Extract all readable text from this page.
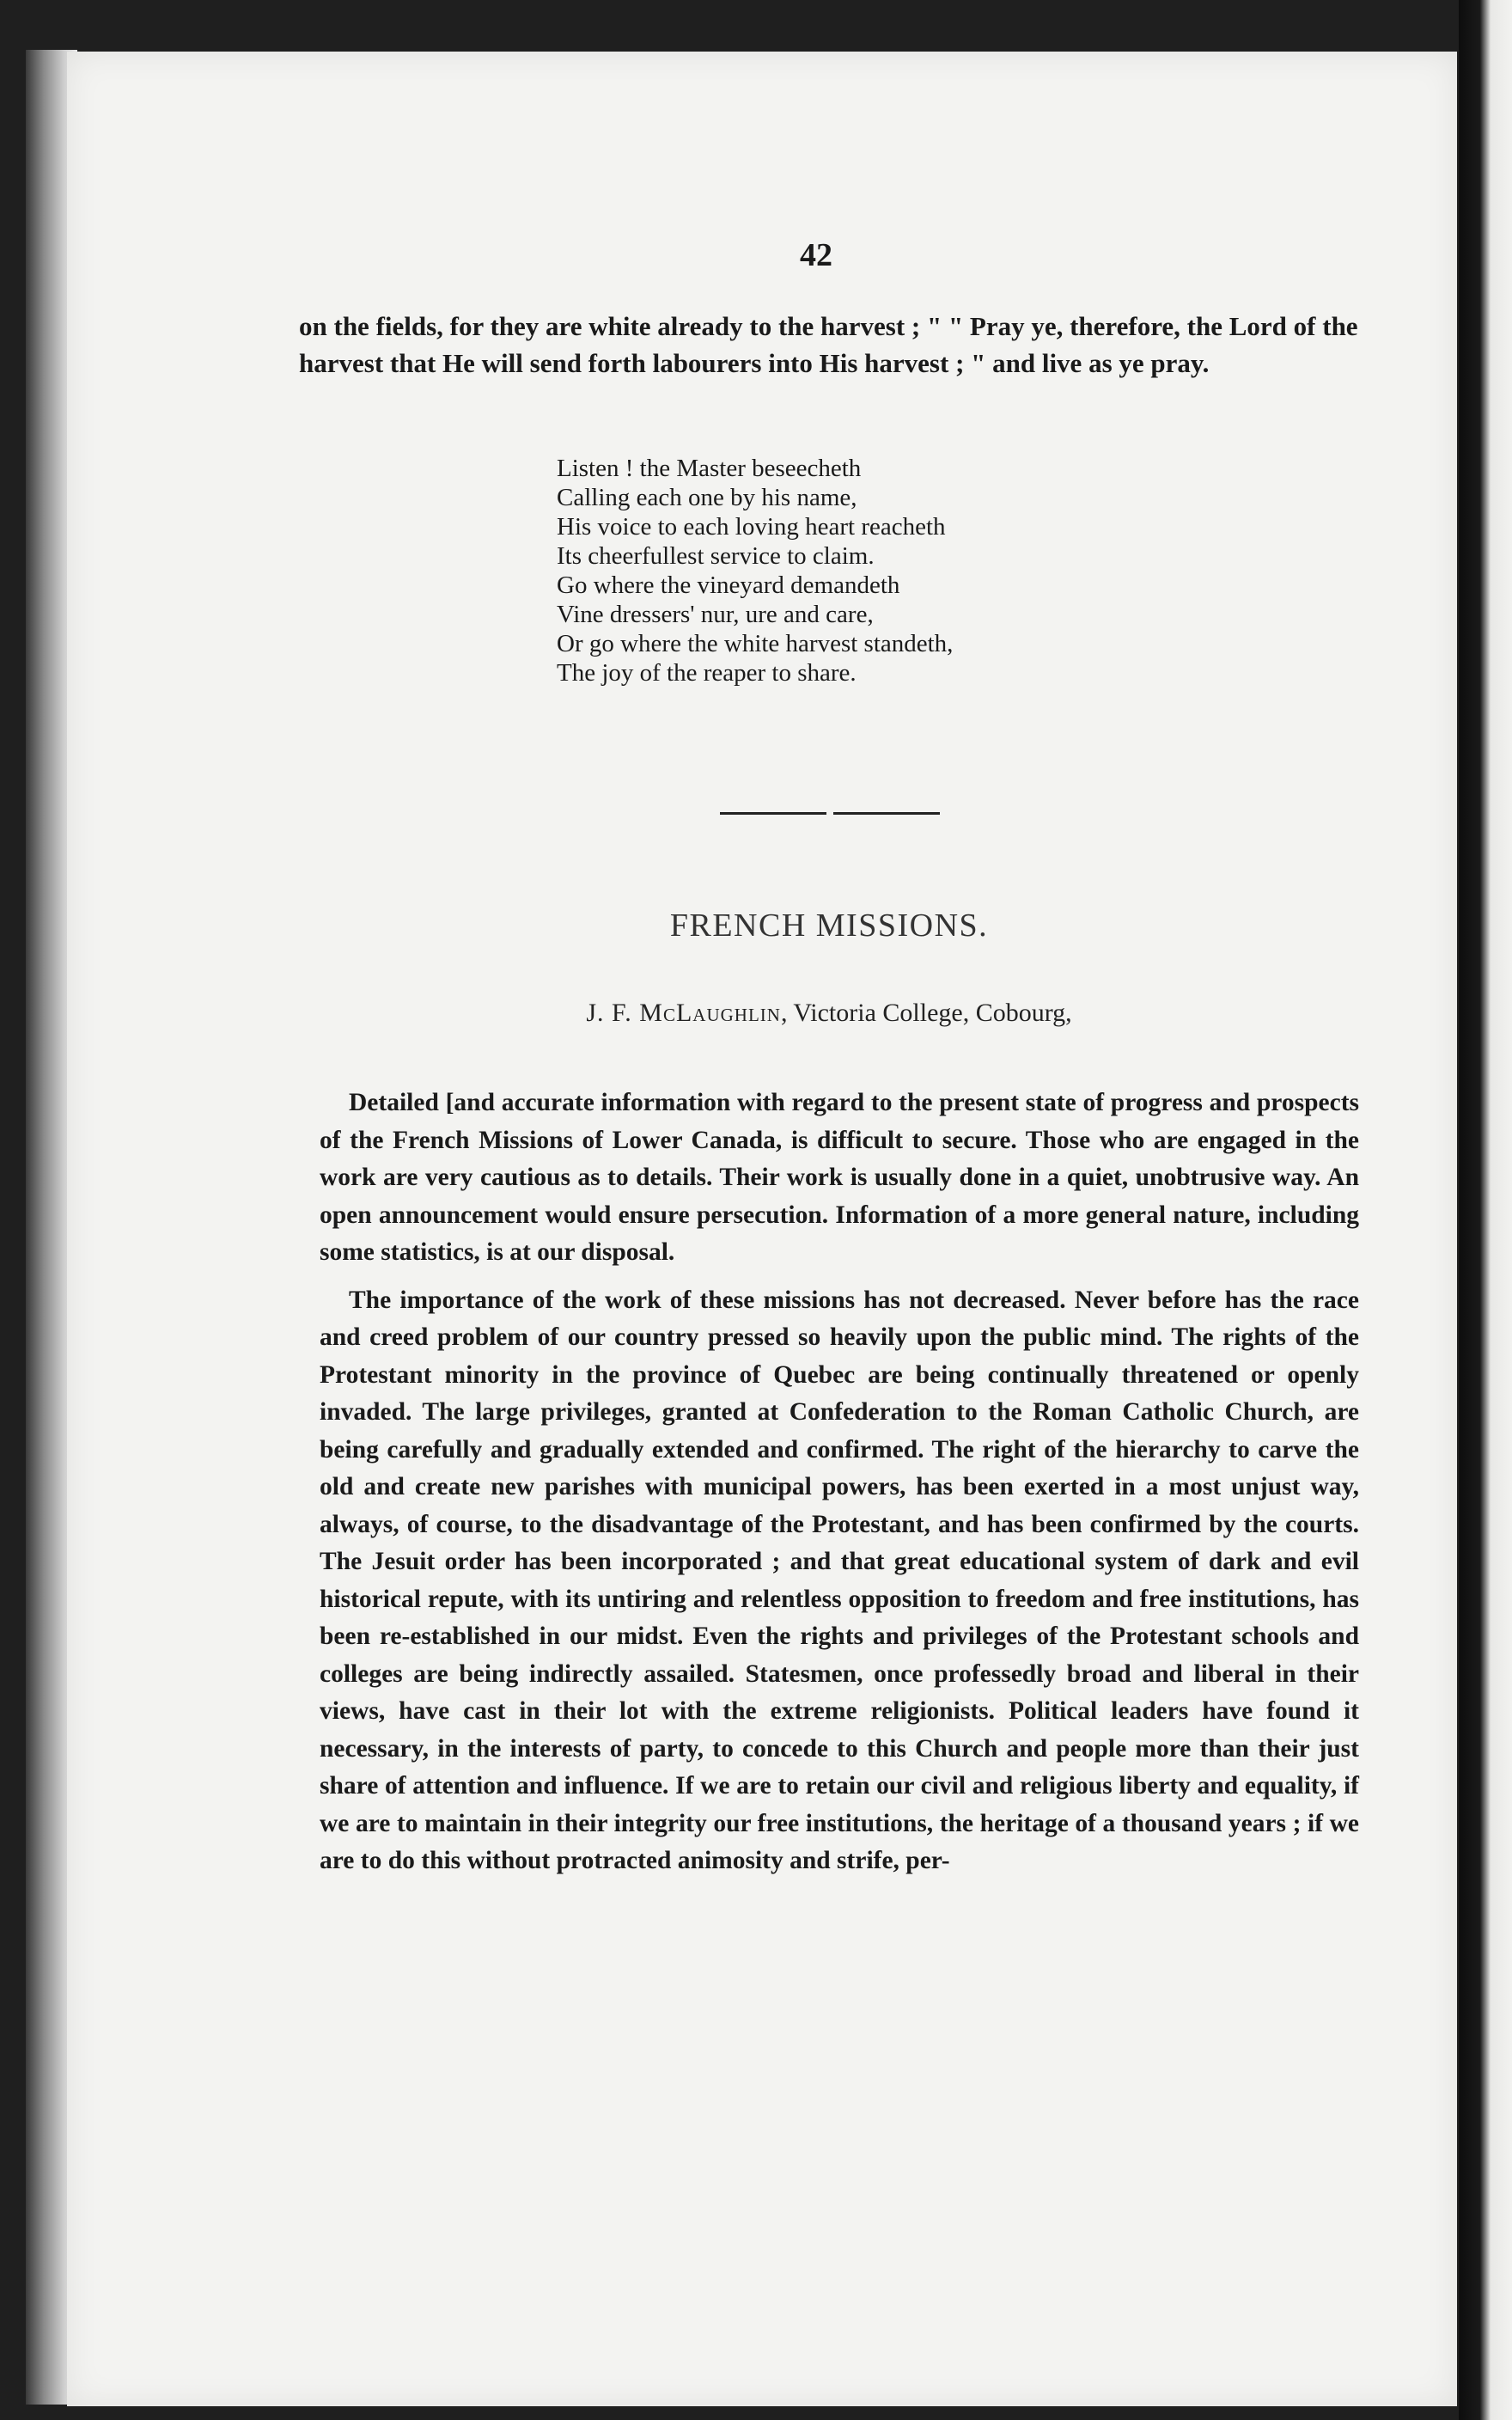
42
on the fields, for they are white already to the harvest ; " " Pray ye, therefore, the Lord of the harvest that He will send forth labourers into His harvest ; " and live as ye pray.
Listen ! the Master beseecheth
Calling each one by his name,
His voice to each loving heart reacheth
Its cheerfullest service to claim.
Go where the vineyard demandeth
Vine dressers' nur, ure and care,
Or go where the white harvest standeth,
The joy of the reaper to share.
FRENCH MISSIONS.
J. F. McLaughlin, Victoria College, Cobourg,

Detailed [and accurate information with regard to the present state of progress and prospects of the French Missions of Lower Canada, is difficult to secure. Those who are engaged in the work are very cautious as to details. Their work is usually done in a quiet, unobtrusive way. An open announcement would ensure persecution. Information of a more general nature, including some statistics, is at our disposal.

The importance of the work of these missions has not decreased. Never before has the race and creed problem of our country pressed so heavily upon the public mind. The rights of the Protestant minority in the province of Quebec are being continually threatened or openly invaded. The large privileges, granted at Confederation to the Roman Catholic Church, are being carefully and gradually extended and confirmed. The right of the hierarchy to carve the old and create new parishes with municipal powers, has been exerted in a most unjust way, always, of course, to the disadvantage of the Protestant, and has been confirmed by the courts. The Jesuit order has been incorporated ; and that great educational system of dark and evil historical repute, with its untiring and relentless opposition to freedom and free institutions, has been re-established in our midst. Even the rights and privileges of the Protestant schools and colleges are being indirectly assailed. Statesmen, once professedly broad and liberal in their views, have cast in their lot with the extreme religionists. Political leaders have found it necessary, in the interests of party, to concede to this Church and people more than their just share of attention and influence. If we are to retain our civil and religious liberty and equality, if we are to maintain in their integrity our free institutions, the heritage of a thousand years ; if we are to do this without protracted animosity and strife, per-
